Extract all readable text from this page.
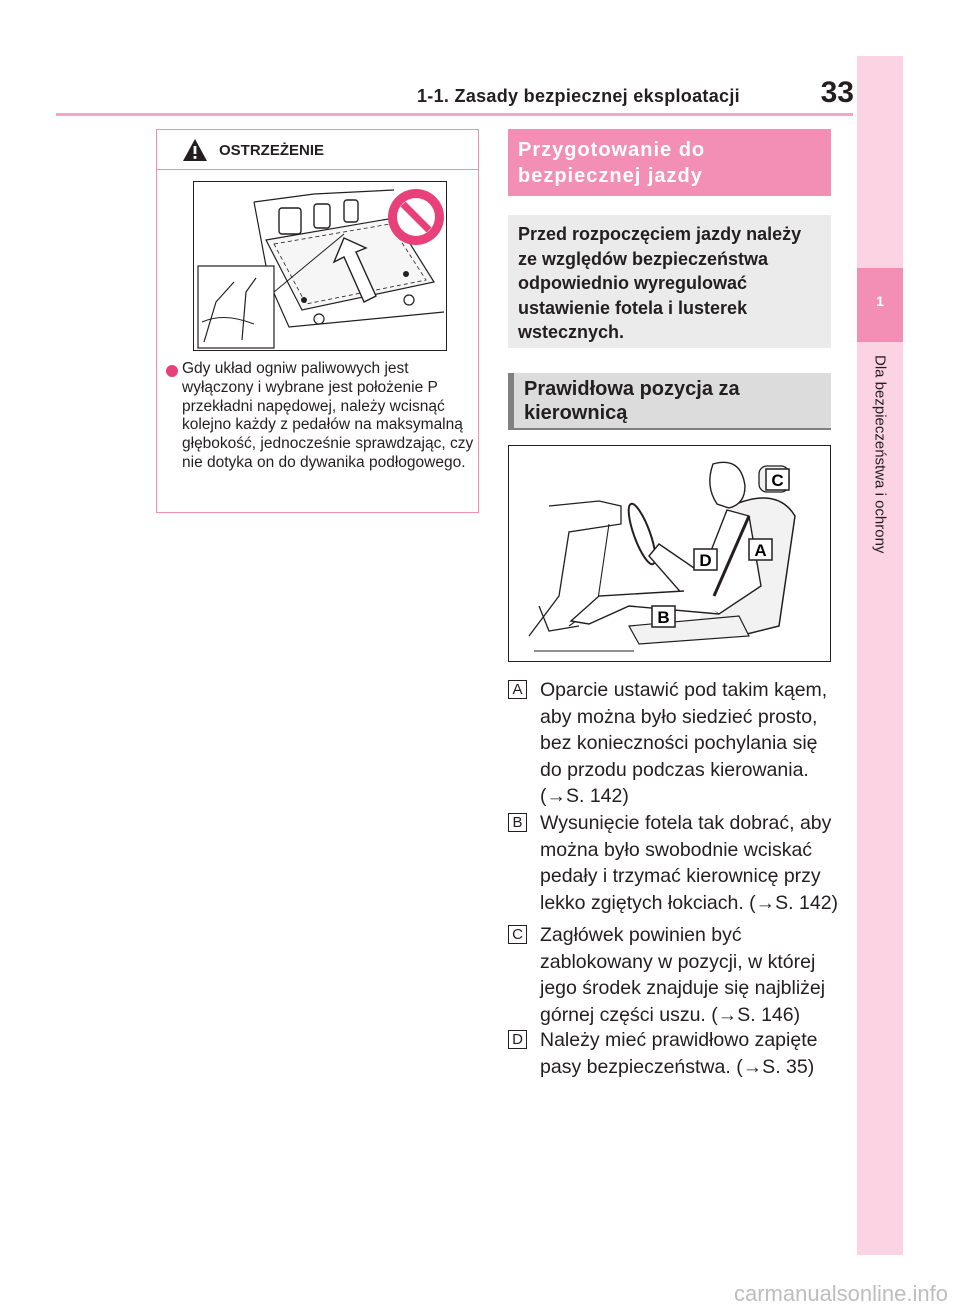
1-1. Zasady bezpiecznej eksploatacji	33
1
Dla bezpieczeństwa i ochrony
OSTRZEŻENIE
Gdy układ ogniw paliwowych jest wyłączony i wybrane jest położenie P przekładni napędowej, należy wcisnąć kolejno każdy z pedałów na maksymalną głębokość, jednocześnie sprawdzając, czy nie dotyka on do dywanika podłogowego.
Przygotowanie do bezpiecznej jazdy
Przed rozpoczęciem jazdy należy ze względów bezpieczeństwa odpowiednio wyregulować ustawienie fotela i lusterek wstecznych.
Prawidłowa pozycja za kierownicą
C
A
D
B
A Oparcie ustawić pod takim kąem, aby można było siedzieć prosto, bez konieczności pochylania się do przodu podczas kierowania. (→S. 142)
B Wysunięcie fotela tak dobrać, aby można było swobodnie wciskać pedały i trzymać kierownicę przy lekko zgiętych łokciach. (→S. 142)
C Zagłówek powinien być zablokowany w pozycji, w której jego środek znajduje się najbliżej górnej części uszu. (→S. 146)
D Należy mieć prawidłowo zapięte pasy bezpieczeństwa. (→S. 35)
carmanualsonline.info
